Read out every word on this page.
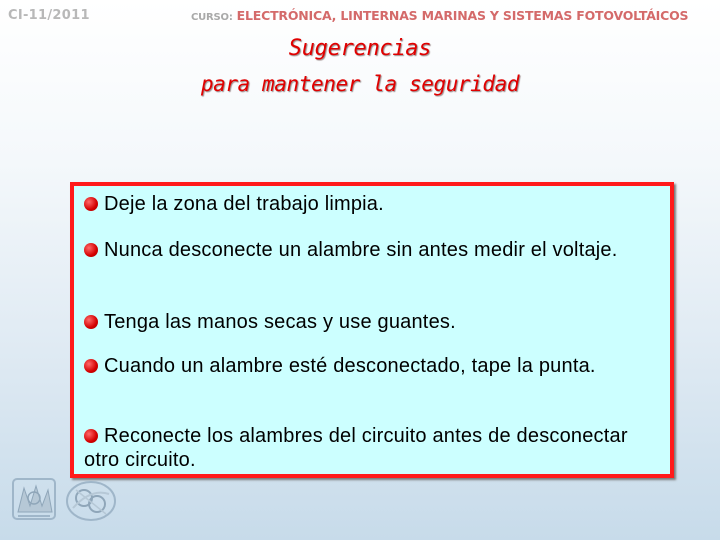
CI-11/2011	CURSO: ELECTRÓNICA, LINTERNAS MARINAS Y SISTEMAS FOTOVOLTÁICOS
Sugerencias
para mantener la seguridad
Deje la zona del trabajo limpia.
Nunca desconecte un alambre sin antes medir el voltaje.
Tenga las manos secas y use guantes.
Cuando un alambre esté desconectado, tape la punta.
Reconecte los alambres del circuito antes de desconectar otro circuito.
